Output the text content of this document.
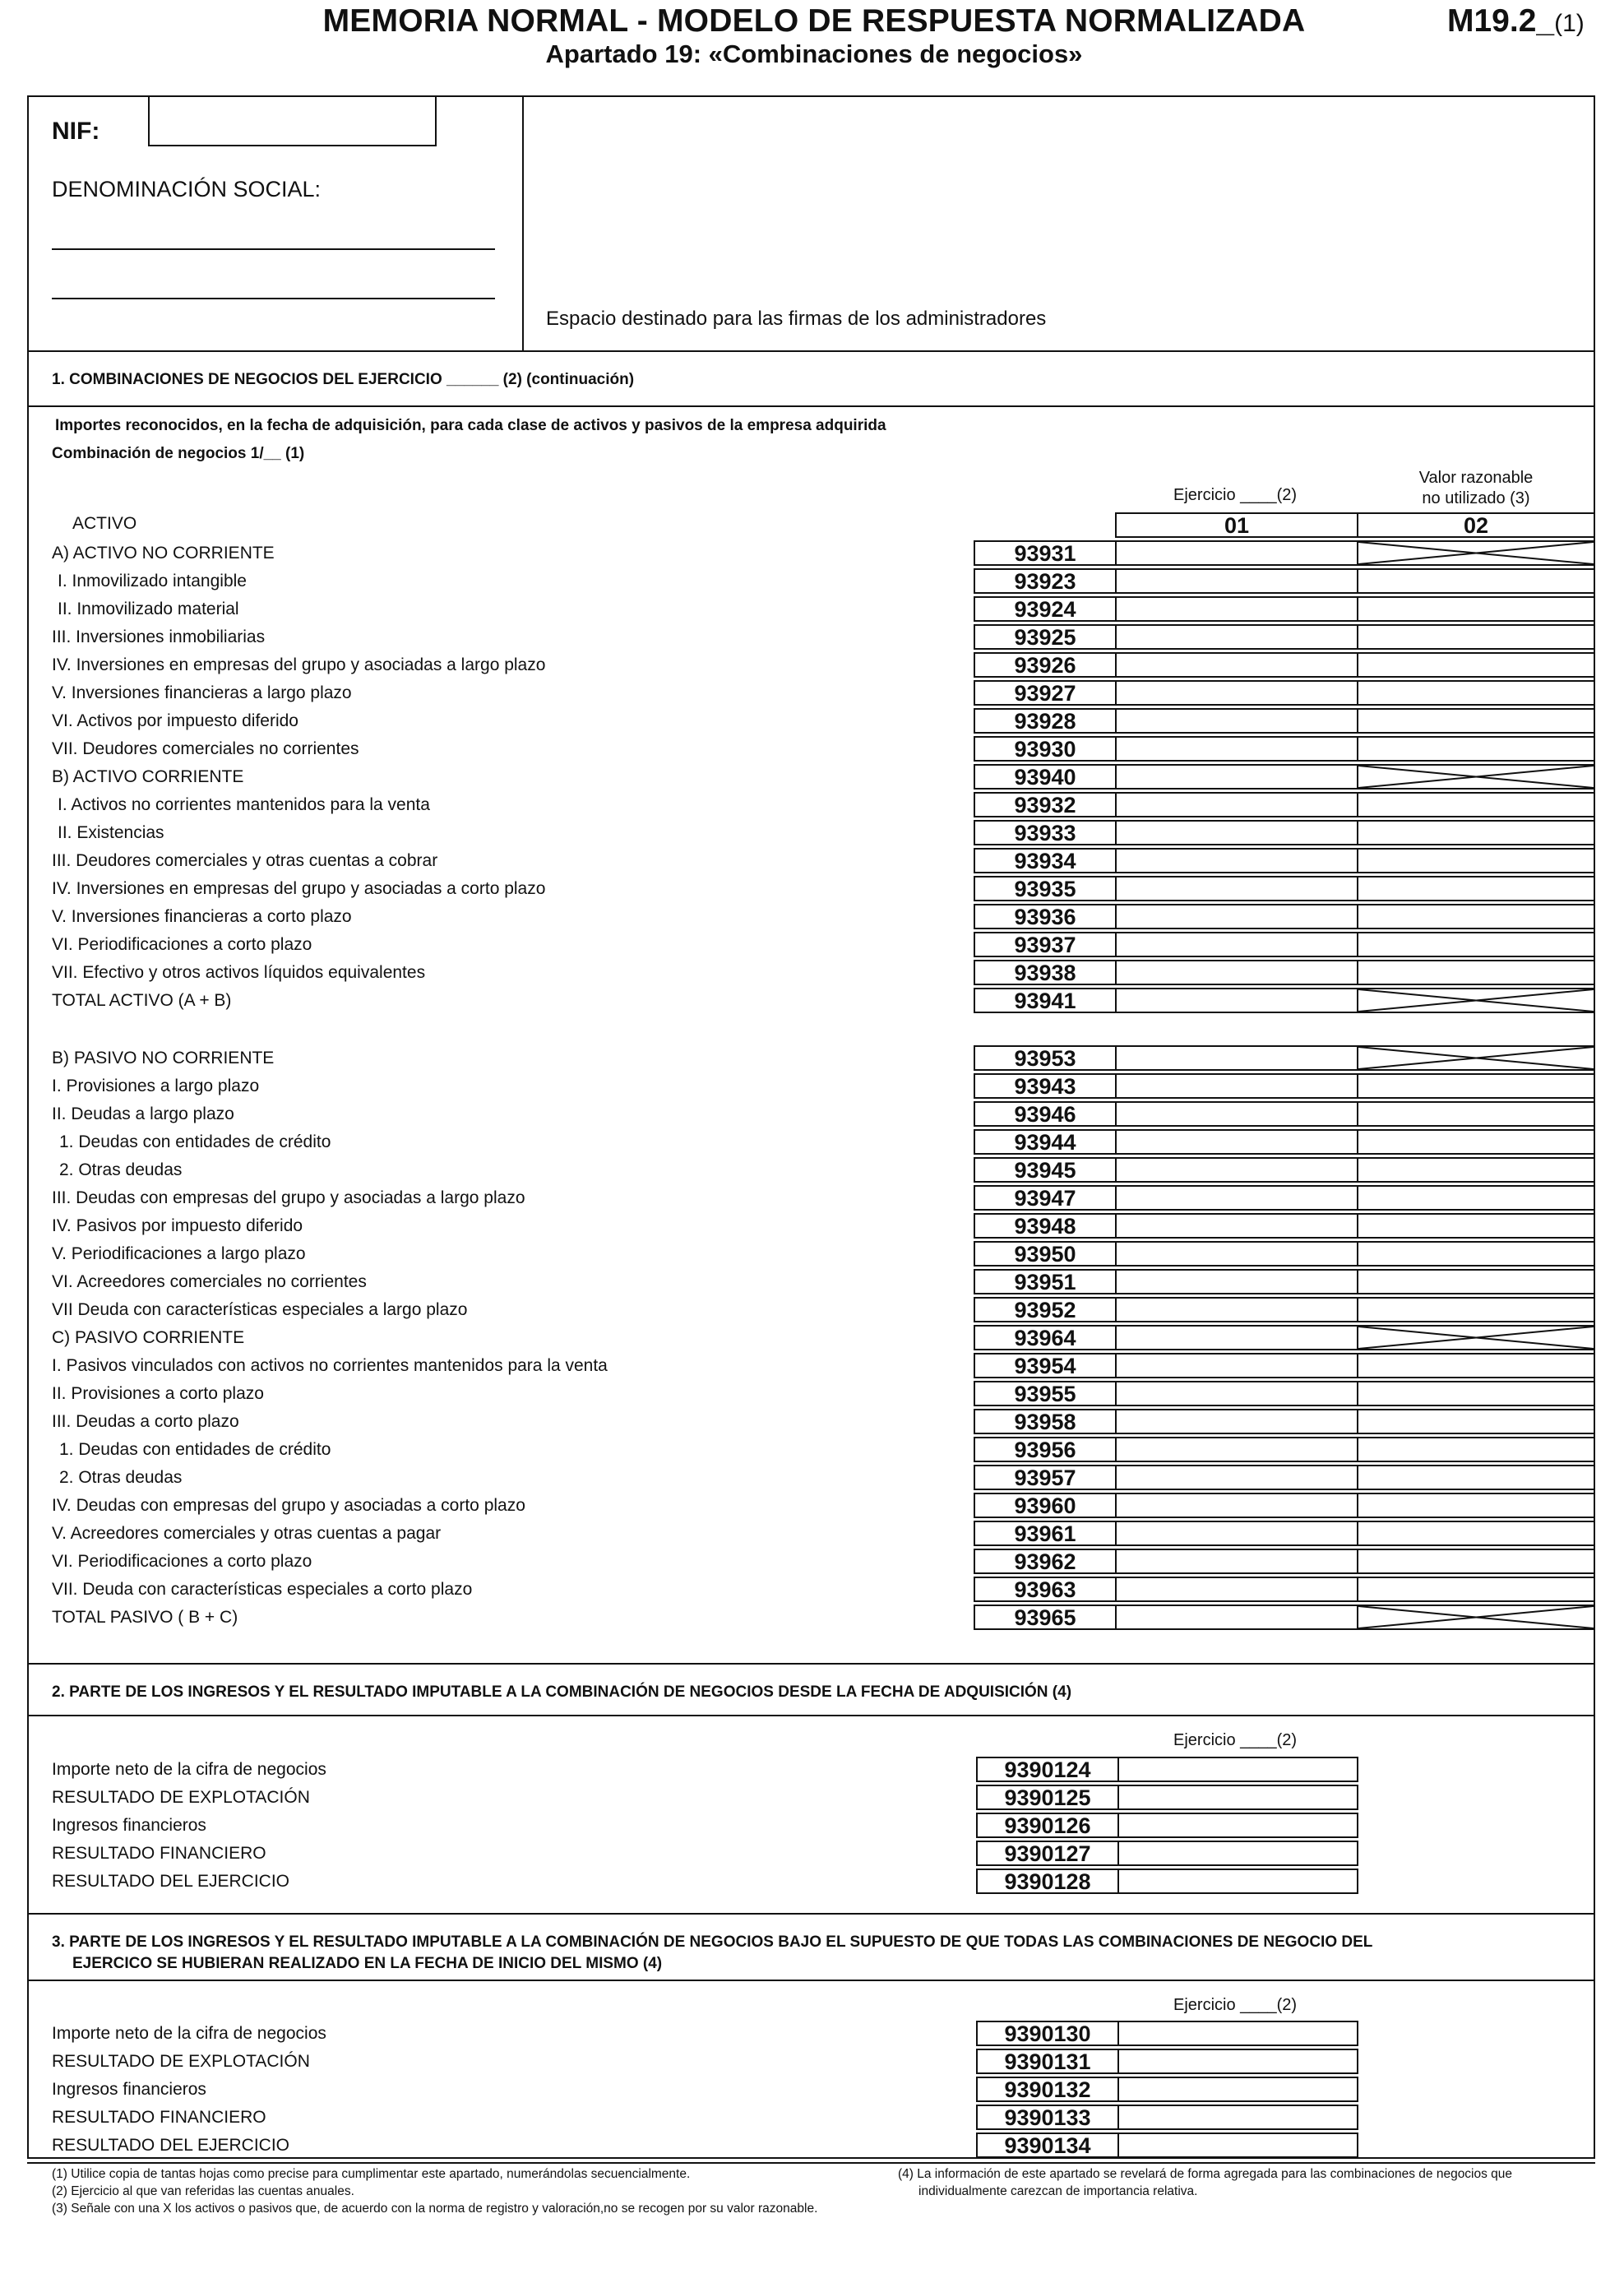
MEMORIA NORMAL - MODELO DE RESPUESTA NORMALIZADA
Apartado 19: «Combinaciones de negocios»
M19.2_(1)
NIF:
DENOMINACIÓN SOCIAL:
Espacio destinado para las firmas de los administradores
1. COMBINACIONES DE NEGOCIOS DEL EJERCICIO ______ (2) (continuación)
Importes reconocidos, en la fecha de adquisición, para cada clase de activos y pasivos de la empresa adquirida
Combinación de negocios 1/__ (1)
Ejercicio ____(2)
Valor razonable
no utilizado (3)
ACTIVO	01	02
A) ACTIVO NO CORRIENTE	93931
I. Inmovilizado intangible	93923
II. Inmovilizado material	93924
III. Inversiones inmobiliarias	93925
IV. Inversiones en empresas del grupo y asociadas a largo plazo	93926
V. Inversiones financieras a largo plazo	93927
VI. Activos por impuesto diferido	93928
VII. Deudores comerciales no corrientes	93930
B) ACTIVO CORRIENTE	93940
I. Activos no corrientes mantenidos para la venta	93932
II. Existencias	93933
III. Deudores comerciales y otras cuentas a cobrar	93934
IV. Inversiones en empresas del grupo y asociadas a corto plazo	93935
V. Inversiones financieras a corto plazo	93936
VI. Periodificaciones a corto plazo	93937
VII. Efectivo y otros activos líquidos equivalentes	93938
TOTAL ACTIVO (A + B)	93941
B) PASIVO NO CORRIENTE	93953
I. Provisiones a largo plazo	93943
II. Deudas a largo plazo	93946
1. Deudas con entidades de crédito	93944
2. Otras deudas	93945
III. Deudas con empresas del grupo y asociadas a largo plazo	93947
IV. Pasivos por impuesto diferido	93948
V. Periodificaciones a largo plazo	93950
VI. Acreedores comerciales no corrientes	93951
VII Deuda con características especiales a largo plazo	93952
C) PASIVO CORRIENTE	93964
I. Pasivos vinculados con activos no corrientes mantenidos para la venta	93954
II. Provisiones a corto plazo	93955
III. Deudas a corto plazo	93958
1. Deudas con entidades de crédito	93956
2. Otras deudas	93957
IV. Deudas con empresas del grupo y asociadas a corto plazo	93960
V. Acreedores comerciales y otras cuentas a pagar	93961
VI. Periodificaciones a corto plazo	93962
VII. Deuda con características especiales a corto plazo	93963
TOTAL PASIVO ( B + C)	93965
2. PARTE DE LOS INGRESOS Y EL RESULTADO IMPUTABLE A LA COMBINACIÓN DE NEGOCIOS DESDE LA FECHA DE ADQUISICIÓN (4)
Ejercicio ____(2)
Importe neto de la cifra de negocios	9390124
RESULTADO DE EXPLOTACIÓN	9390125
Ingresos financieros	9390126
RESULTADO FINANCIERO	9390127
RESULTADO DEL EJERCICIO	9390128
3. PARTE DE LOS INGRESOS Y EL RESULTADO IMPUTABLE A LA COMBINACIÓN DE NEGOCIOS BAJO EL SUPUESTO DE QUE TODAS LAS COMBINACIONES DE NEGOCIO DEL
EJERCICO SE HUBIERAN REALIZADO EN LA FECHA DE INICIO DEL MISMO (4)
Ejercicio ____(2)
Importe neto de la cifra de negocios	9390130
RESULTADO DE EXPLOTACIÓN	9390131
Ingresos financieros	9390132
RESULTADO FINANCIERO	9390133
RESULTADO DEL EJERCICIO	9390134
(1) Utilice copia de tantas hojas como precise para cumplimentar este apartado, numerándolas secuencialmente.
(2) Ejercicio al que van referidas las cuentas anuales.
(3) Señale con una X los activos o pasivos que, de acuerdo con la norma de registro y valoración,no se recogen por su valor razonable.
(4) La información de este apartado se revelará de forma agregada para las combinaciones de negocios que
individualmente carezcan de importancia relativa.
